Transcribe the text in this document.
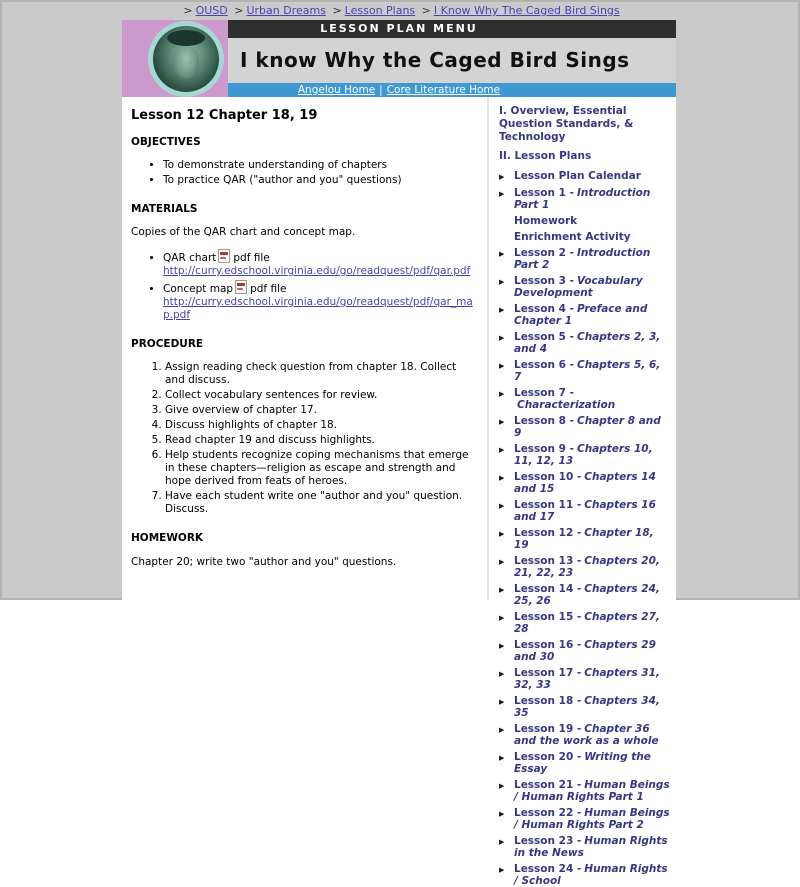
> OUSD > Urban Dreams > Lesson Plans > I Know Why The Caged Bird Sings
LESSON PLAN MENU
I know Why the Caged Bird Sings
Angelou Home | Core Literature Home
Lesson 12 Chapter 18, 19
OBJECTIVES
• To demonstrate understanding of chapters
• To practice QAR ("author and you" questions)
MATERIALS

Copies of the QAR chart and concept map.

• QAR chart pdf file
http://curry.edschool.virginia.edu/go/readquest/pdf/qar.pdf
• Concept map pdf file
http://curry.edschool.virginia.edu/go/readquest/pdf/qar_map.pdf
PROCEDURE
1. Assign reading check question from chapter 18. Collect and discuss.
2. Collect vocabulary sentences for review.
3. Give overview of chapter 17.
4. Discuss highlights of chapter 18.
5. Read chapter 19 and discuss highlights.
6. Help students recognize coping mechanisms that emerge in these chapters—religion as escape and strength and hope derived from feats of heroes.
7. Have each student write one "author and you" question. Discuss.
HOMEWORK

Chapter 20; write two "author and you" questions.

I. Overview, Essential Question Standards, & Technology
II. Lesson Plans
▶
Lesson Plan Calendar
▶
Lesson 1 - Introduction Part 1
Homework
Enrichment Activity
▶
Lesson 2 - Introduction Part 2
▶
Lesson 3 - Vocabulary Development
▶
Lesson 4 - Preface and Chapter 1
▶
Lesson 5 - Chapters 2, 3, and 4
▶
Lesson 6 - Chapters 5, 6, 7
▶
Lesson 7 -Characterization
▶
Lesson 8 - Chapter 8 and 9
▶
Lesson 9 - Chapters 10, 11, 12, 13
▶
Lesson 10 - Chapters 14 and 15
▶
Lesson 11 - Chapters 16 and 17
▶
Lesson 12 - Chapter 18, 19
▶
Lesson 13 - Chapters 20, 21, 22, 23
▶
Lesson 14 - Chapters 24, 25, 26
▶
Lesson 15 - Chapters 27, 28
▶
Lesson 16 - Chapters 29 and 30
▶
Lesson 17 - Chapters 31, 32, 33
▶
Lesson 18 - Chapters 34, 35
▶
Lesson 19 - Chapter 36 and the work as a whole
▶
Lesson 20 - Writing the Essay
▶
Lesson 21 - Human Beings / Human Rights Part 1
▶
Lesson 22 - Human Beings / Human Rights Part 2
▶
Lesson 23 - Human Rights in the News
▶
Lesson 24 - Human Rights / School
